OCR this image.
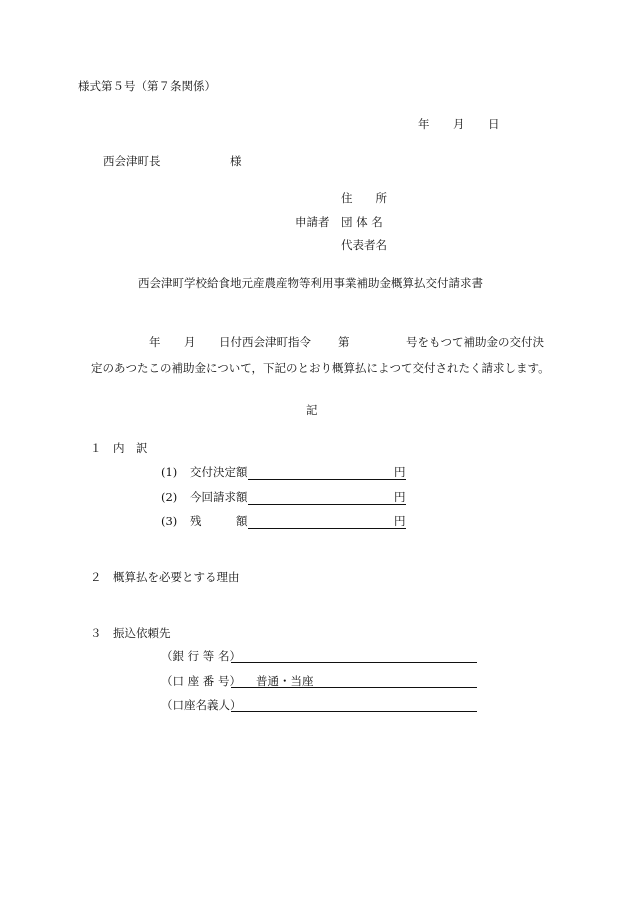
様式第５号（第７条関係）
年 月 日
西会津町長	様
住　　所
申請者 団 体 名
代表者名
西会津町学校給食地元産農産物等利用事業補助金概算払交付請求書
年 月 日付西会津町指令 第	号をもつて補助金の交付決
定のあつたこの補助金について，下記のとおり概算払によつて交付されたく請求します。
記
１　内　訳
(1) 交付決定額	円
(2) 今回請求額	円
(3) 残　　　額	円
２　概算払を必要とする理由
３　振込依頼先
（銀 行 等 名）
（口 座 番 号） 普通・当座
（口座名義人）
